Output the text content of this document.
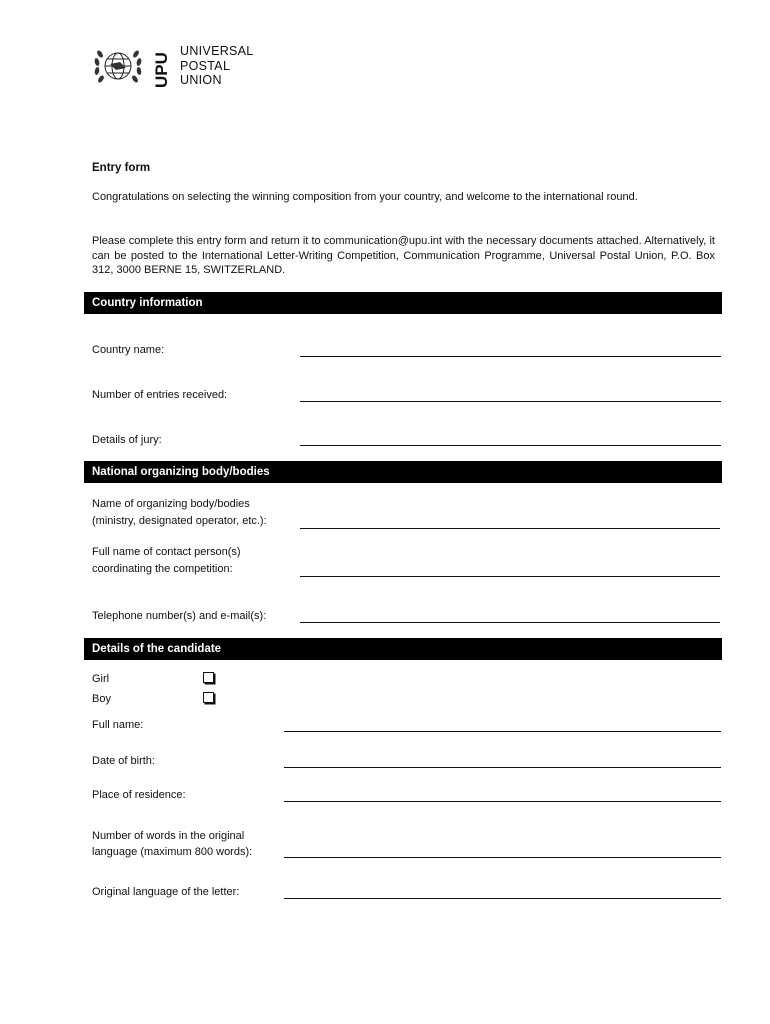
UPU
UNIVERSAL
POSTAL
UNION
Entry form
Congratulations on selecting the winning composition from your country, and welcome to the international round.
Please complete this entry form and return it to communication@upu.int with the necessary documents attached. Alternatively, it can be posted to the International Letter-Writing Competition, Communication Programme, Universal Postal Union, P.O. Box 312, 3000 BERNE 15, SWITZERLAND.
Country information
Country name:
Number of entries received:
Details of jury:
National organizing body/bodies
Name of organizing body/bodies
(ministry, designated operator, etc.):
Full name of contact person(s)
coordinating the competition:
Telephone number(s) and e-mail(s):
Details of the candidate
Girl
Boy
Full name:
Date of birth:
Place of residence:
Number of words in the original
language (maximum 800 words):
Original language of the letter:
